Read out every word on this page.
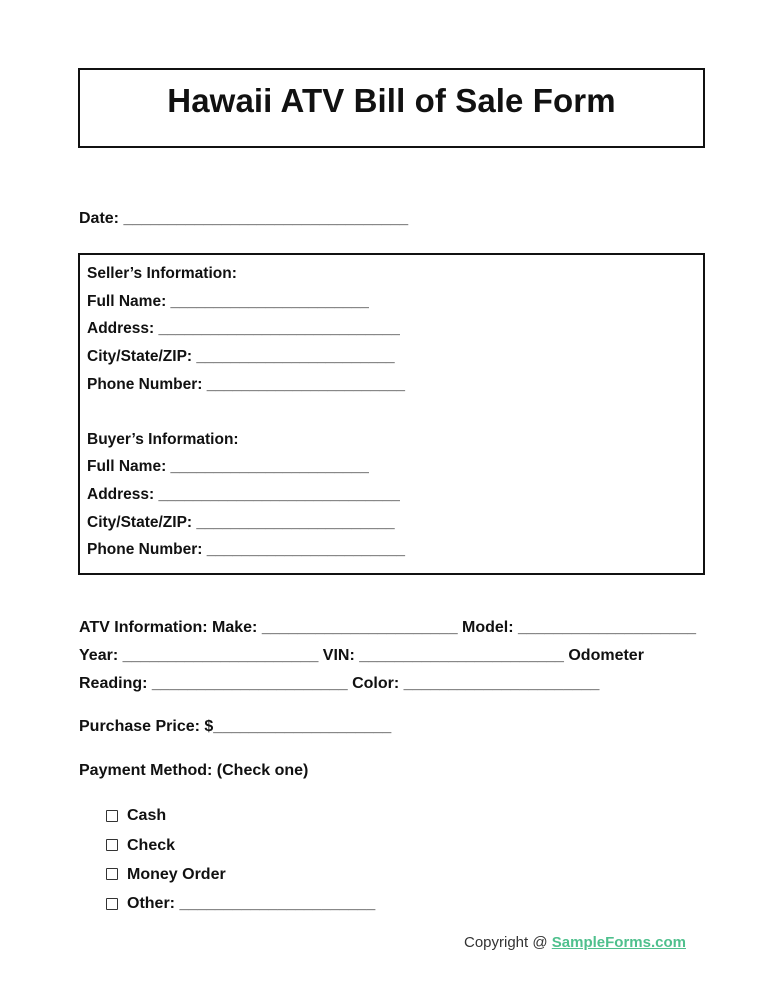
Hawaii ATV Bill of Sale Form
Date: ________________________________
Seller’s Information:
Full Name: _______________________
Address: ____________________________
City/State/ZIP: _______________________
Phone Number: _______________________
Buyer’s Information:
Full Name: _______________________
Address: ____________________________
City/State/ZIP: _______________________
Phone Number: _______________________
ATV Information: Make: ______________________ Model: ____________________
Year: ______________________ VIN: _______________________ Odometer
Reading: ______________________ Color: ______________________
Purchase Price: $____________________
Payment Method: (Check one)
Cash
Check
Money Order
Other: ______________________
Copyright @ SampleForms.com
